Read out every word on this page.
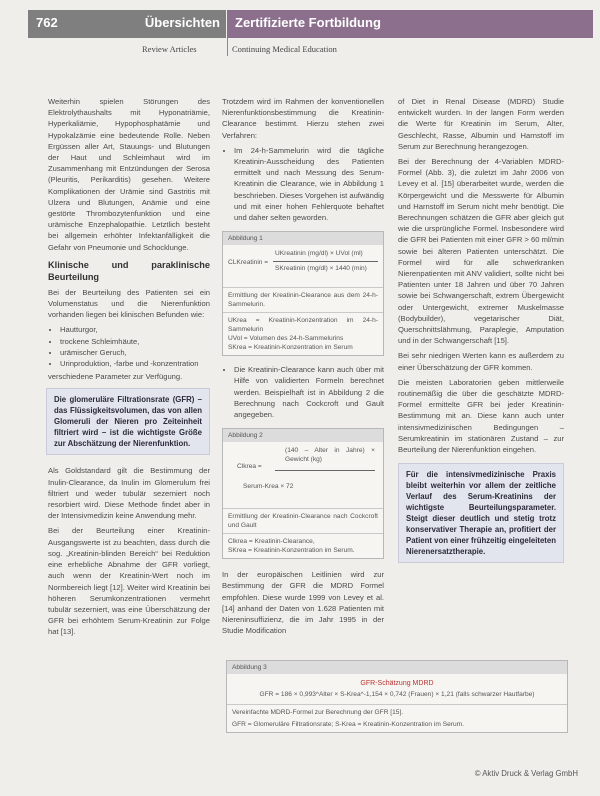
762	Übersichten Zertifizierte Fortbildung
Review Articles	Continuing Medical Education

Weiterhin spielen Störungen des Elektrolythaushalts mit Hyponatriämie, Hyperkaliämie, Hypophosphatämie und Hypokalzämie eine bedeutende Rolle. Neben Ergüssen aller Art, Stauungs- und Blutungen der Haut und Schleimhaut wird im Zusammenhang mit Entzündungen der Serosa (Pleuritis, Perikarditis) gesehen. Weitere Komplikationen der Urämie sind Gastritis mit Ulzera und Blutungen, Anämie und eine gestörte Thrombozytenfunktion und eine urämische Enzephalopathie. Letztlich besteht bei allgemein erhöhter Infektanfälligkeit die Gefahr von Pneumonie und Schocklunge.

Klinische und paraklinische Beurteilung

Bei der Beurteilung des Patienten sei ein Volumenstatus und die Nierenfunktion vorhanden liegen bei klinischen Befunden wie:

• Hautturgor,
• trockene Schleimhäute,
• urämischer Geruch,
• Urinproduktion, -farbe und -konzentration

verschiedene Parameter zur Verfügung.

Die glomeruläre Filtrationsrate (GFR) – das Flüssigkeitsvolumen, das von allen Glomeruli der Nieren pro Zeiteinheit filtriert wird – ist die wichtigste Größe zur Abschätzung der Nierenfunktion.

Als Goldstandard gilt die Bestimmung der Inulin-Clearance, da Inulin im Glomerulum frei filtriert und weder tubulär sezerniert noch resorbiert wird. Diese Methode findet aber in der Intensivmedizin keine Anwendung mehr.

Bei der Beurteilung einer Kreatinin-Ausgangswerte ist zu beachten, dass durch die sog. „Kreatinin-blinden Bereich“ bei Reduktion eine erhebliche Abnahme der GFR vorliegt, auch wenn der Kreatinin-Wert noch im Normbereich liegt [12]. Weiter wird Kreatinin bei höheren Serumkonzentrationen vermehrt tubulär sezerniert, was eine Überschätzung der GFR bei erhöhtem Serum-Kreatinin zur Folge hat [13].

Trotzdem wird im Rahmen der konventionellen Nierenfunktionsbestimmung die Kreatinin-Clearance bestimmt. Hierzu stehen zwei Verfahren:

• Im 24-h-Sammelurin wird die tägliche Kreatinin-Ausscheidung des Patienten ermittelt und nach Messung des Serum-Kreatinin die Clearance, wie in Abbildung 1 beschrieben. Dieses Vorgehen ist aufwändig und mit einer hohen Fehlerquote behaftet und daher selten geworden.
Abbildung 1
CLKreatinin =
UKreatinin (mg/dl) × UVol (ml)
SKreatinin (mg/dl) × 1440 (min)
Ermittlung der Kreatinin-Clearance aus dem 24-h-Sammelurin.
UKrea = Kreatinin-Konzentration im 24-h-Sammelurin
UVol = Volumen des 24-h-Sammelurins
SKrea = Kreatinin-Konzentration im Serum
• Die Kreatinin-Clearance kann auch über mit Hilfe von validierten Formeln berechnet werden. Beispielhaft ist in Abbildung 2 die Berechnung nach Cockcroft und Gault angegeben.
Abbildung 2
(140 – Alter in Jahre) × Gewicht (kg)
Clkrea =
Serum-Krea × 72
Ermittlung der Kreatinin-Clearance nach Cockcroft und Gault
Clkrea = Kreatinin-Clearance,
SKrea = Kreatinin-Konzentration im Serum.

In der europäischen Leitlinien wird zur Bestimmung der GFR die MDRD Formel empfohlen. Diese wurde 1999 von Levey et al. [14] anhand der Daten von 1.628 Patienten mit Niereninsuffizienz, die im Jahr 1995 in der Studie Modification

of Diet in Renal Disease (MDRD) Studie entwickelt wurden. In der langen Form werden die Werte für Kreatinin im Serum, Alter, Geschlecht, Rasse, Albumin und Harnstoff im Serum zur Berechnung herangezogen.

Bei der Berechnung der 4-Variablen MDRD-Formel (Abb. 3), die zuletzt im Jahr 2006 von Levey et al. [15] überarbeitet wurde, werden die Körpergewicht und die Messwerte für Albumin und Harnstoff im Serum nicht mehr benötigt. Die Berechnungen schätzen die GFR aber gleich gut wie die ursprüngliche Formel. Insbesondere wird die GFR bei Patienten mit einer GFR > 60 ml/min sowie bei älteren Patienten unterschätzt. Die Formel wird für alle schwerkranken Nierenpatienten mit ANV validiert, sollte nicht bei Patienten unter 18 Jahren und über 70 Jahren sowie bei Schwangerschaft, extrem Übergewicht oder Untergewicht, extremer Muskelmasse (Bodybuilder), vegetarischer Diät, Querschnittslähmung, Paraplegie, Amputation und in der Schwangerschaft [15].

Bei sehr niedrigen Werten kann es außerdem zu einer Überschätzung der GFR kommen.

Die meisten Laboratorien geben mittlerweile routinemäßig die über die geschätzte MDRD-Formel ermittelte GFR bei jeder Kreatinin-Bestimmung mit an. Diese kann auch unter intensivmedizinischen Bedingungen – Serumkreatinin im stationären Zustand – zur Beurteilung der Nierenfunktion eingehen.

Für die intensivmedizinische Praxis bleibt weiterhin vor allem der zeitliche Verlauf des Serum-Kreatinins der wichtigste Beurteilungsparameter. Steigt dieser deutlich und stetig trotz konservativer Therapie an, profitiert der Patient von einer frühzeitig eingeleiteten Nierenersatztherapie.
Abbildung 3
GFR-Schätzung MDRD
GFR = 186 × 0,993^Alter × S-Krea^-1,154 × 0,742 (Frauen) × 1,21 (falls schwarzer Hautfarbe)
Vereinfachte MDRD-Formel zur Berechnung der GFR [15].
GFR = Glomeruläre Filtrationsrate; S-Krea = Kreatinin-Konzentration im Serum.
© Aktiv Druck & Verlag GmbH
